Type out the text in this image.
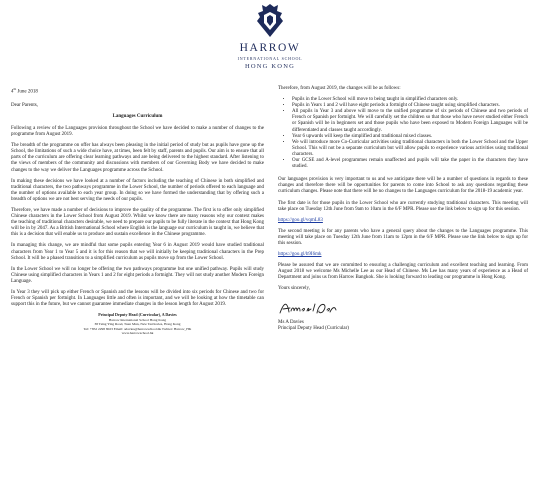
HARROW
INTERNATIONAL SCHOOL
HONG KONG

4th June 2018

Dear Parents,

Languages Curriculum

Following a review of the Languages provision throughout the School we have decided to make a number of changes to the programme from August 2019.

The breadth of the programme on offer has always been pleasing in the initial period of study but as pupils have gone up the School, the limitations of such a wide choice have, at times, been felt by staff, parents and pupils. Our aim is to ensure that all parts of the curriculum are offering clear learning pathways and are being delivered to the highest standard. After listening to the views of members of the community and discussions with members of our Governing Body we have decided to make changes to the way we deliver the Languages programme across the School.

In making these decisions we have looked at a number of factors including the teaching of Chinese in both simplified and traditional characters, the two pathways programme in the Lower School, the number of periods offered to each language and the number of options available to each year group. In doing so we have formed the understanding that by offering such a breadth of options we are not best serving the needs of our pupils.

Therefore, we have made a number of decisions to improve the quality of the programme. The first is to offer only simplified Chinese characters in the Lower School from August 2019. Whilst we know there are many reasons why our context makes the teaching of traditional characters desirable, we need to prepare our pupils to be fully literate in the context that Hong Kong will be in by 2047. As a British International School where English is the language our curriculum is taught in, we believe that this is a decision that will enable us to produce and sustain excellence in the Chinese programme.

In managing this change, we are mindful that some pupils entering Year 6 in August 2019 would have studied traditional characters from Year 1 to Year 5 and it is for this reason that we will initially be keeping traditional characters in the Prep School. It will be a phased transition to a simplified curriculum as pupils move up from the Lower School.

In the Lower School we will no longer be offering the two pathways programme but one unified pathway. Pupils will study Chinese using simplified characters in Years 1 and 2 for eight periods a fortnight. They will not study another Modern Foreign Language.

In Year 3 they will pick up either French or Spanish and the lessons will be divided into six periods for Chinese and two for French or Spanish per fortnight. In Languages little and often is important, and we will be looking at how the timetable can support this in the future, but we cannot guarantee immediate changes in the lesson length for August 2019.

Principal Deputy Head (Curricular), A Davies
Harrow International School Hong Kong
38 Tsing Ying Road, Tuen Mun, New Territories, Hong Kong
Tel: +852 2298 8023 Email: adavies@harrowschool.hk Twitter: Harrow_HK
www.harrowschool.hk

Therefore, from August 2019, the changes will be as follows:

• Pupils in the Lower School will move to being taught in simplified characters only.
• Pupils in Years 1 and 2 will have eight periods a fortnight of Chinese taught using simplified characters.
• All pupils in Year 3 and above will move to the unified programme of six periods of Chinese and two periods of French or Spanish per fortnight. We will carefully set the children so that those who have never studied either French or Spanish will be in beginners set and those pupils who have been exposed to Modern Foreign Languages will be differentiated and classes taught accordingly.
• Year 6 upwards will keep the simplified and traditional mixed classes.
• We will introduce more Co-Curricular activities using traditional characters in both the Lower School and the Upper School. This will not be a separate curriculum but will allow pupils to experience various activities using traditional characters.
• Our GCSE and A-level programmes remain unaffected and pupils will take the paper in the characters they have studied.

Our languages provision is very important to us and we anticipate there will be a number of questions in regards to these changes and therefore there will be opportunities for parents to come into School to ask any questions regarding these curriculum changes. Please note that there will be no changes to the Languages curriculum for the 2018-19 academic year.

The first date is for those pupils in the Lower School who are currently studying traditional characters. This meeting will take place on Tuesday 12th June from 9am to 10am in the 6/F MPR. Please use the link below to sign up for this session.

https://goo.gl/vqmL83

The second meeting is for any parents who have a general query about the changes to the Languages programme. This meeting will take place on Tuesday 12th June from 11am to 12pm in the 6/F MPR. Please use the link below to sign up for this session.

https://goo.gl/b9I6mk

Please be assured that we are committed to ensuring a challenging curriculum and excellent teaching and learning. From August 2018 we welcome Ms Michelle Lee as our Head of Chinese. Ms Lee has many years of experience as a Head of Department and joins us from Harrow Bangkok. She is looking forward to leading our programme in Hong Kong.

Yours sincerely,

Ms A Davies

Principal Deputy Head (Curricular)
